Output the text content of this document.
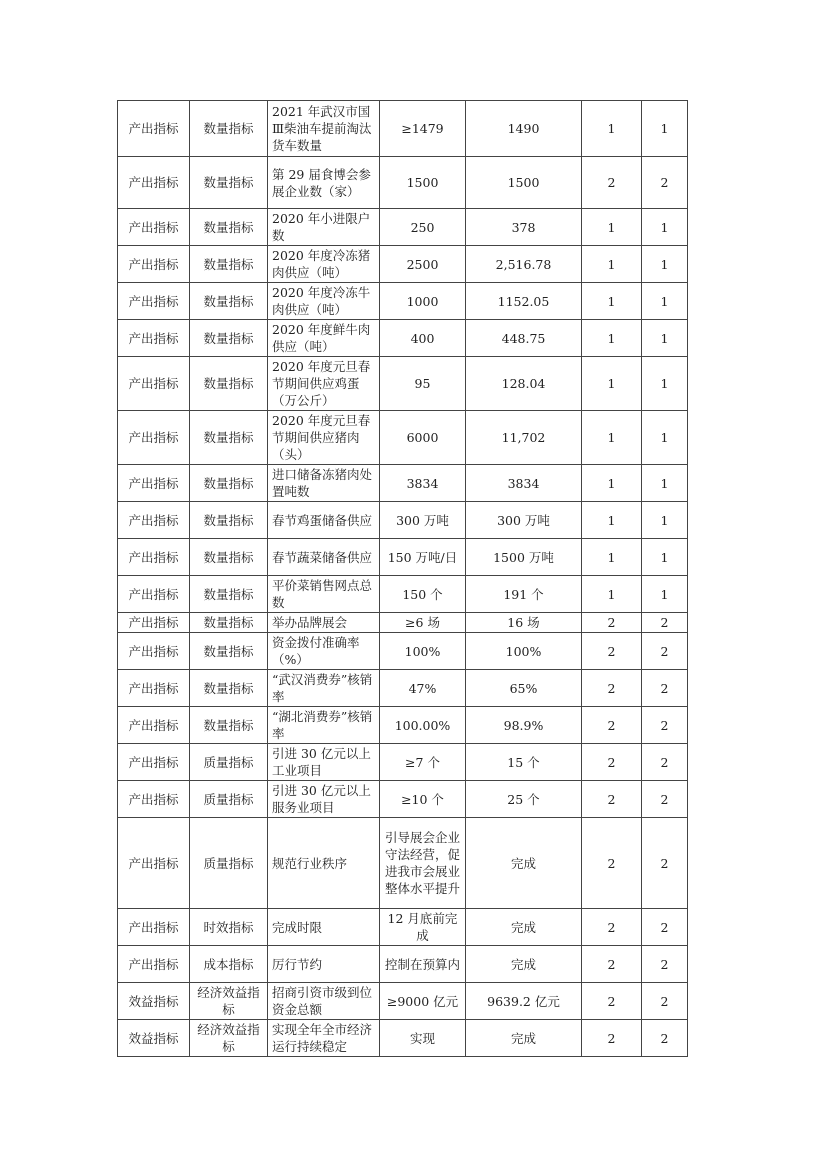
产出指标	数量指标	2021 年武汉市国Ⅲ柴油车提前淘汰货车数量	≥1479	1490	1	1
产出指标	数量指标	第 29 届食博会参展企业数（家）	1500	1500	2	2
产出指标	数量指标	2020 年小进限户数	250	378	1	1
产出指标	数量指标	2020 年度冷冻猪肉供应（吨）	2500	2,516.78	1	1
产出指标	数量指标	2020 年度冷冻牛肉供应（吨）	1000	1152.05	1	1
产出指标	数量指标	2020 年度鲜牛肉供应（吨）	400	448.75	1	1
产出指标	数量指标	2020 年度元旦春节期间供应鸡蛋（万公斤）	95	128.04	1	1
产出指标	数量指标	2020 年度元旦春节期间供应猪肉（头）	6000	11,702	1	1
产出指标	数量指标	进口储备冻猪肉处置吨数	3834	3834	1	1
产出指标	数量指标	春节鸡蛋储备供应	300 万吨	300 万吨	1	1
产出指标	数量指标	春节蔬菜储备供应	150 万吨/日	1500 万吨	1	1
产出指标	数量指标	平价菜销售网点总数	150 个	191 个	1	1
产出指标	数量指标	举办品牌展会	≥6 场	16 场	2	2
产出指标	数量指标	资金拨付准确率（%）	100%	100%	2	2
产出指标	数量指标	“武汉消费券”核销率	47%	65%	2	2
产出指标	数量指标	“湖北消费券”核销率	100.00%	98.9%	2	2
产出指标	质量指标	引进 30 亿元以上工业项目	≥7 个	15 个	2	2
产出指标	质量指标	引进 30 亿元以上服务业项目	≥10 个	25 个	2	2
产出指标	质量指标	规范行业秩序	引导展会企业守法经营，促进我市会展业整体水平提升	完成	2	2
产出指标	时效指标	完成时限	12 月底前完成	完成	2	2
产出指标	成本指标	厉行节约	控制在预算内	完成	2	2
效益指标	经济效益指标	招商引资市级到位资金总额	≥9000 亿元	9639.2 亿元	2	2
效益指标	经济效益指标	实现全年全市经济运行持续稳定	实现	完成	2	2
